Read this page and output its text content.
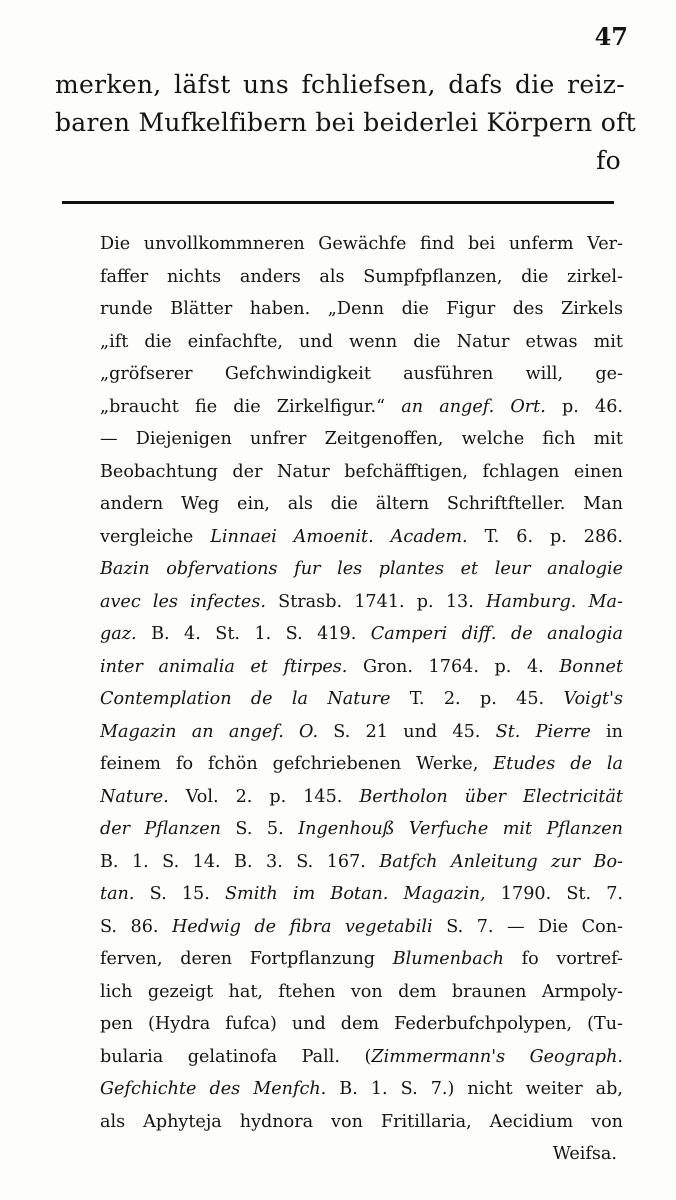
47
merken, läfst uns fchliefsen, dafs die reiz-
baren Mufkelfibern bei beiderlei Körpern oft
fo
Die unvollkommneren Gewächfe find bei unferm Ver-
faffer nichts anders als Sumpfpflanzen, die zirkel-
runde Blätter haben. „Denn die Figur des Zirkels
„ift die einfachfte, und wenn die Natur etwas mit
„gröfserer Gefchwindigkeit ausführen will, ge-
„braucht fie die Zirkelfigur.“ an angef. Ort. p. 46.
— Diejenigen unfrer Zeitgenoffen, welche fich mit
Beobachtung der Natur befchäfftigen, fchlagen einen
andern Weg ein, als die ältern Schriftfteller. Man
vergleiche Linnaei Amoenit. Academ. T. 6. p. 286.
Bazin obfervations fur les plantes et leur analogie
avec les infectes. Strasb. 1741. p. 13. Hamburg. Ma-
gaz. B. 4. St. 1. S. 419. Camperi diff. de analogia
inter animalia et ftirpes. Gron. 1764. p. 4. Bonnet
Contemplation de la Nature T. 2. p. 45. Voigt's
Magazin an angef. O. S. 21 und 45. St. Pierre in
feinem fo fchön gefchriebenen Werke, Etudes de la
Nature. Vol. 2. p. 145. Bertholon über Electricität
der Pflanzen S. 5. Ingenhouß Verfuche mit Pflanzen
B. 1. S. 14. B. 3. S. 167. Batfch Anleitung zur Bo-
tan. S. 15. Smith im Botan. Magazin, 1790. St. 7.
S. 86. Hedwig de fibra vegetabili S. 7. — Die Con-
ferven, deren Fortpflanzung Blumenbach fo vortref-
lich gezeigt hat, ftehen von dem braunen Armpoly-
pen (Hydra fufca) und dem Federbufchpolypen, (Tu-
bularia gelatinofa Pall. (Zimmermann's Geograph.
Gefchichte des Menfch. B. 1. S. 7.) nicht weiter ab,
als Aphyteja hydnora von Fritillaria, Aecidium von
Weifsa.
